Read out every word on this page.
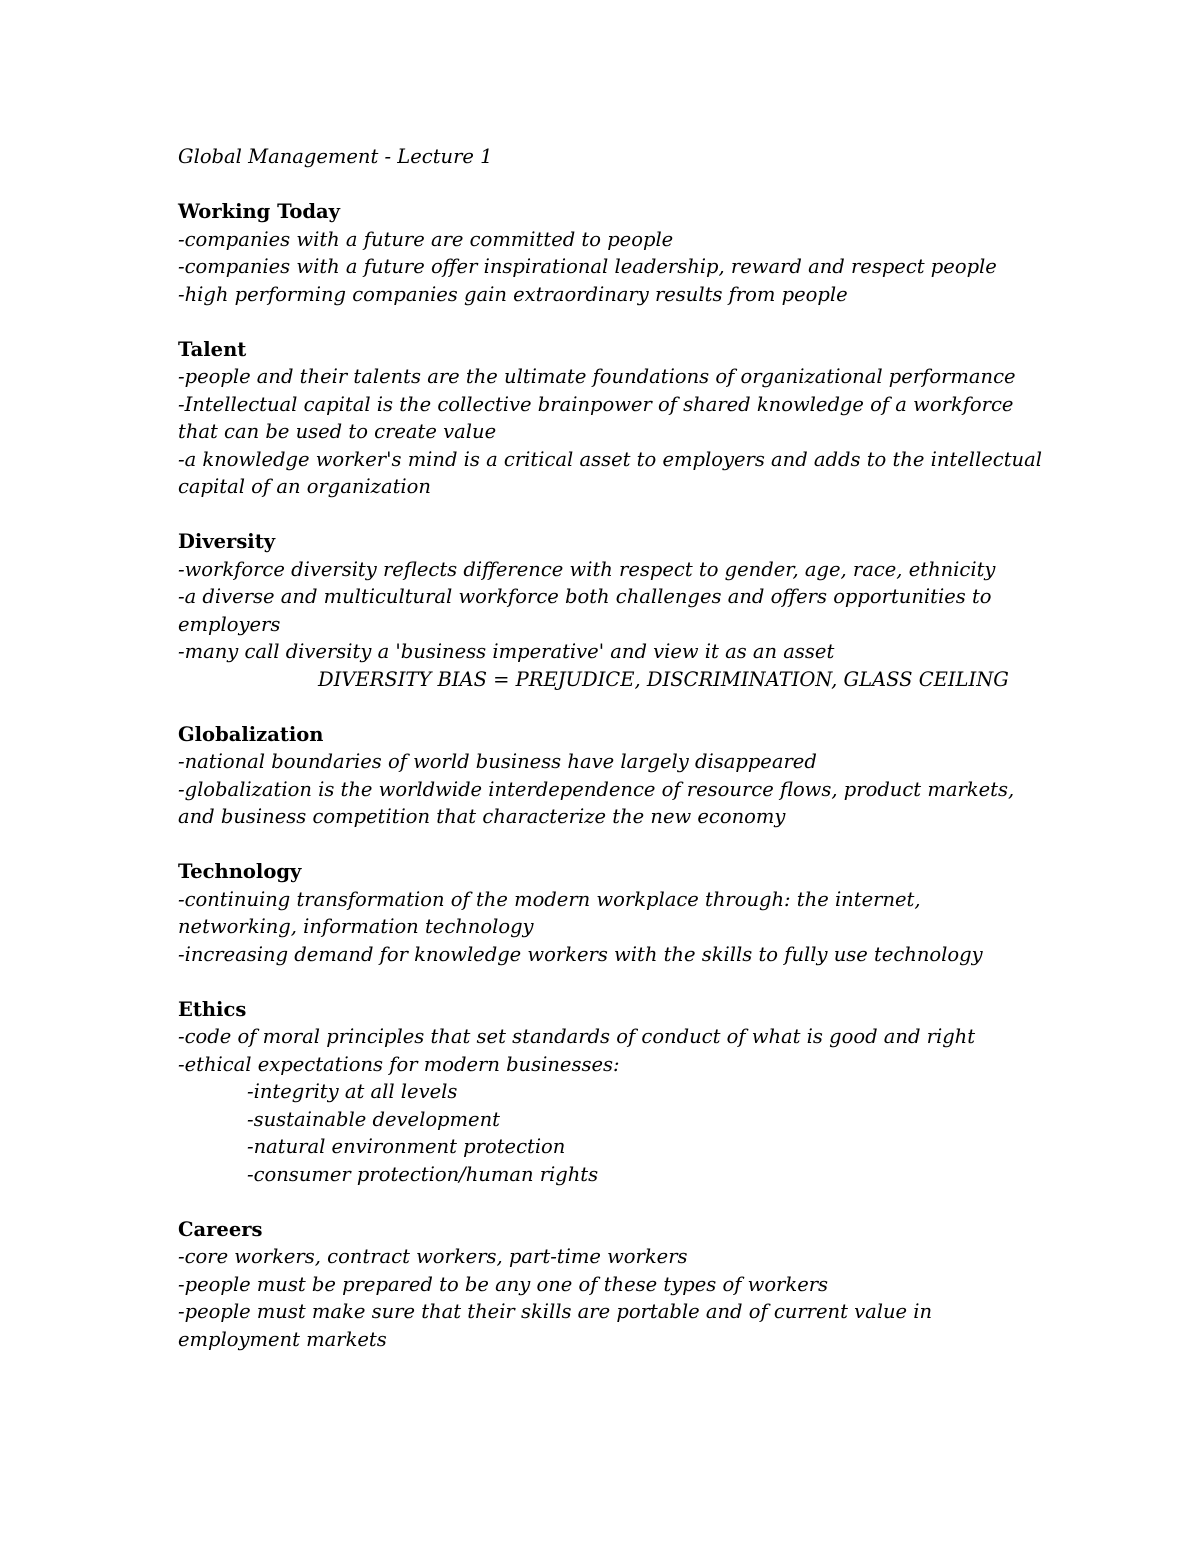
Global Management - Lecture 1

Working Today

-companies with a future are committed to people

-companies with a future offer inspirational leadership, reward and respect people

-high performing companies gain extraordinary results from people

Talent

-people and their talents are the ultimate foundations of organizational performance

-Intellectual capital is the collective brainpower of shared knowledge of a workforce

that can be used to create value

-a knowledge worker's mind is a critical asset to employers and adds to the intellectual

capital of an organization

Diversity

-workforce diversity reflects difference with respect to gender, age, race, ethnicity

-a diverse and multicultural workforce both challenges and offers opportunities to

employers

-many call diversity a 'business imperative' and view it as an asset

DIVERSITY BIAS = PREJUDICE, DISCRIMINATION, GLASS CEILING

Globalization

-national boundaries of world business have largely disappeared

-globalization is the worldwide interdependence of resource flows, product markets,

and business competition that characterize the new economy

Technology

-continuing transformation of the modern workplace through: the internet,

networking, information technology

-increasing demand for knowledge workers with the skills to fully use technology

Ethics

-code of moral principles that set standards of conduct of what is good and right

-ethical expectations for modern businesses:

-integrity at all levels

-sustainable development

-natural environment protection

-consumer protection/human rights

Careers

-core workers, contract workers, part-time workers

-people must be prepared to be any one of these types of workers

-people must make sure that their skills are portable and of current value in

employment markets
